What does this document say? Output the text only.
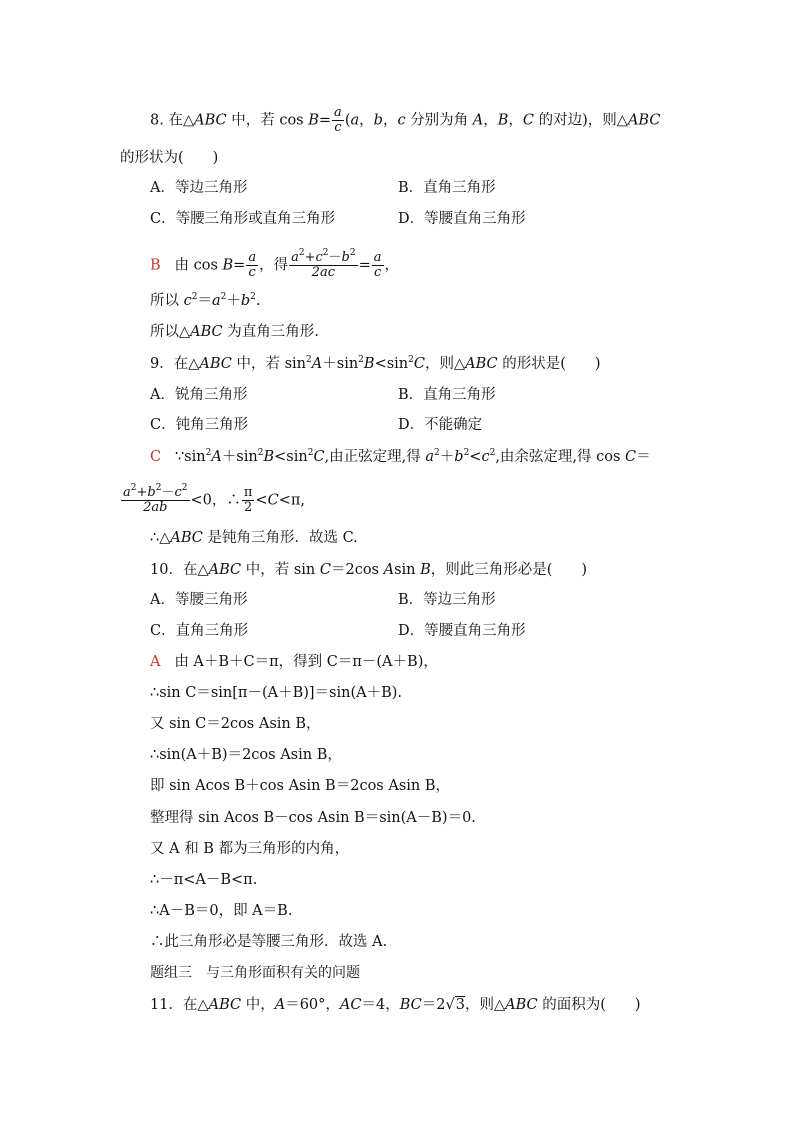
8. 在△ABC 中，若 $\cos B= \frac{a}{c} (a$，b，c 分别为角 A，B，C 的对边)，则△ABC
的形状为(　　)
A．等边三角形	B．直角三角形
C．等腰三角形或直角三角形	D．等腰直角三角形
B 由 $\cos B= \frac{a}{c}$ ，得 $\frac{a^2+c^2-b^2}{2ac} = \frac{a}{c}$ ，
所以 $c^2=a^2+b^2$.
所以△ABC 为直角三角形.
9．在△ABC 中，若 $\sin^2A+\sin^2B<\sin^2C$，则△ABC 的形状是(　　)
A．锐角三角形	B．直角三角形
C．钝角三角形	D．不能确定
C $\because\sin^2A+\sin^2B<\sin^2C$,由正弦定理,得 $a^2+b^2<c^2$,由余弦定理,得 cos C＝
$\frac{a^2+b^2-c^2}{2ab} <0$，∴ $\frac{\pi}{2} <C<\pi$,
∴△ABC 是钝角三角形．故选 C.
10．在△ABC 中，若 sin C＝2cos Asin B，则此三角形必是(　　)
A．等腰三角形	B．等边三角形
C．直角三角形	D．等腰直角三角形
A 由 A＋B＋C＝π，得到 C＝π－(A＋B)，
∴sin C＝sin[π－(A＋B)]＝sin(A＋B).
又 sin C＝2cos Asin B，
∴sin(A＋B)＝2cos Asin B，
即 sin Acos B＋cos Asin B＝2cos Asin B，
整理得 sin Acos B－cos Asin B＝sin(A－B)＝0.
又 A 和 B 都为三角形的内角，
∴－π<A－B<π.
∴A－B＝0，即 A＝B.
∴此三角形必是等腰三角形．故选 A.
题组三　与三角形面积有关的问题
11．在△ABC 中，A＝60°，AC＝4，BC＝2√3，则△ABC 的面积为(　　)
